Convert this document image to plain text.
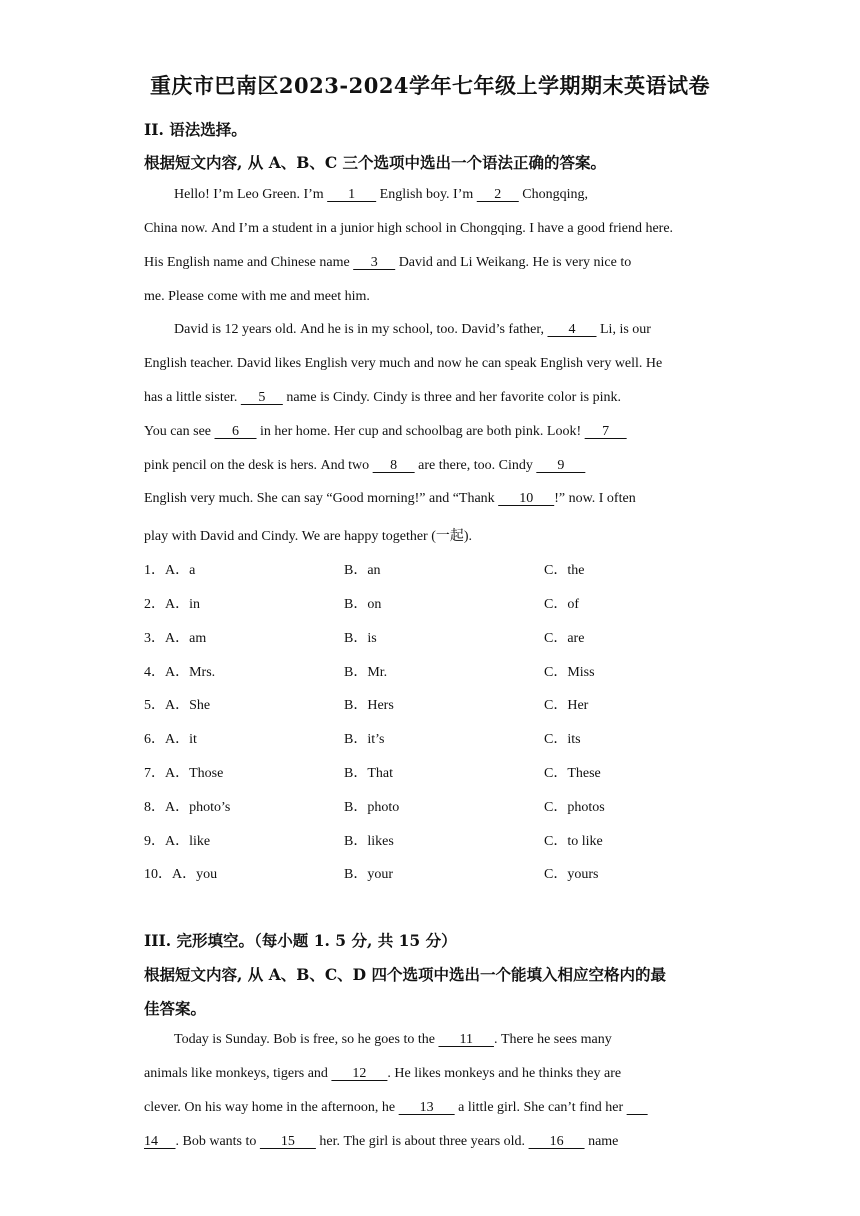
重庆市巴南区2023-2024学年七年级上学期期末英语试卷
II. 语法选择。
根据短文内容, 从 A、B、C 三个选项中选出一个语法正确的答案。
Hello! I’m Leo Green. I’m       1       English boy. I’m      2      Chongqing,
China now. And I’m a student in a junior high school in Chongqing. I have a good friend here.
His English name and Chinese name      3      David and Li Weikang. He is very nice to
me. Please come with me and meet him.
David is 12 years old. And he is in my school, too. David’s father,       4       Li, is our
English teacher. David likes English very much and now he can speak English very well. He
has a little sister.      5      name is Cindy. Cindy is three and her favorite color is pink.
You can see      6      in her home. Her cup and schoolbag are both pink. Look!      7
pink pencil on the desk is hers. And two      8      are there, too. Cindy       9
English very much. She can say “Good morning!” and “Thank       10      !” now. I often
play with David and Cindy. We are happy together (一起).
1．A．a	B．an	C．the
2．A．in	B．on	C．of
3．A．am	B．is	C．are
4．A．Mrs.	B．Mr.	C．Miss
5．A．She	B．Hers	C．Her
6．A．it	B．it’s	C．its
7．A．Those	B．That	C．These
8．A．photo’s	B．photo	C．photos
9．A．like	B．likes	C．to like
10．A．you	B．your	C．yours
III. 完形填空。（每小题 1. 5 分, 共 15 分）
根据短文内容, 从 A、B、C、D 四个选项中选出一个能填入相应空格内的最
佳答案。
Today is Sunday. Bob is free, so he goes to the       11      . There he sees many
animals like monkeys, tigers and       12      . He likes monkeys and he thinks they are
clever. On his way home in the afternoon, he       13       a little girl. She can’t find her
14     . Bob wants to       15       her. The girl is about three years old.       16       name
